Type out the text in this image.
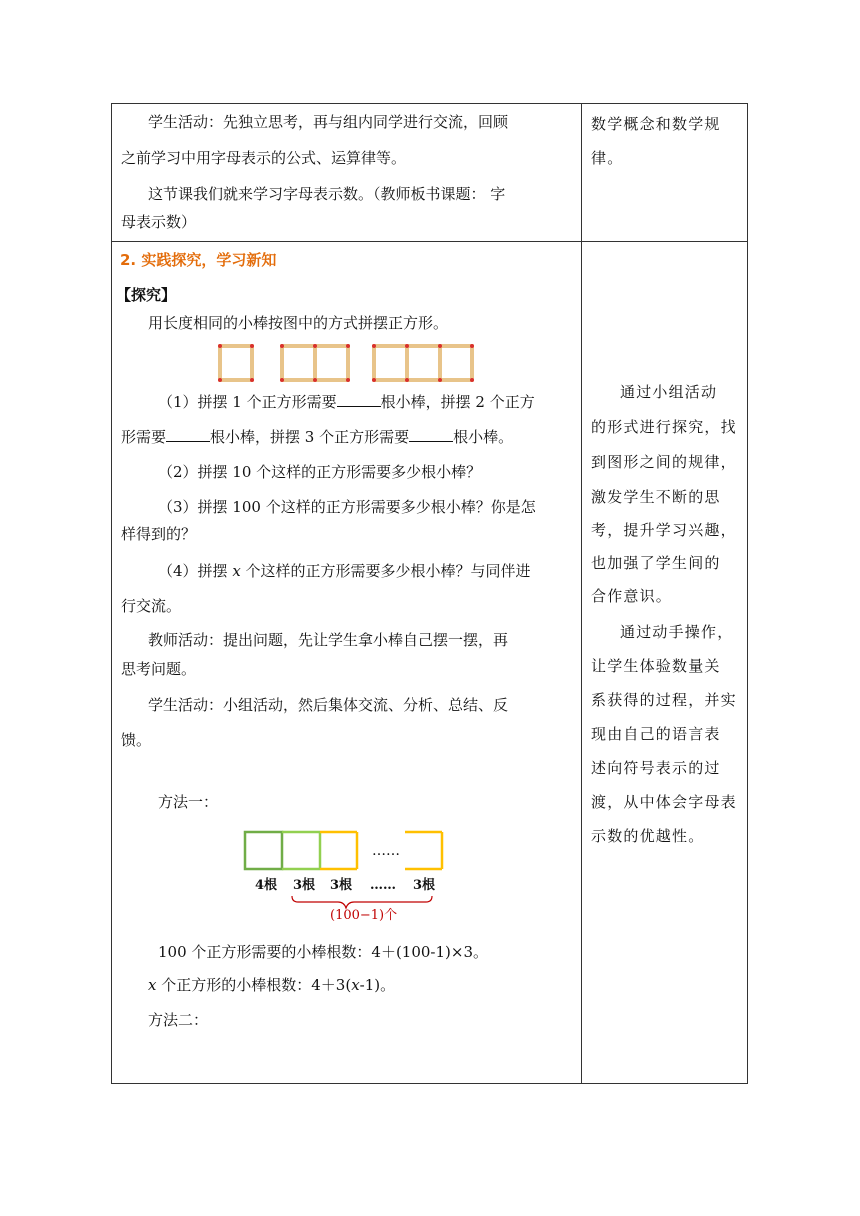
学生活动：先独立思考，再与组内同学进行交流，回顾
之前学习中用字母表示的公式、运算律等。
这节课我们就来学习字母表示数。（教师板书课题： 字
母表示数）
数学概念和数学规
律。
2. 实践探究，学习新知
【探究】
用长度相同的小棒按图中的方式拼摆正方形。
（1）拼摆 1 个正方形需要	根小棒，拼摆 2 个正方
形需要	根小棒，拼摆 3 个正方形需要	根小棒。
（2）拼摆 10 个这样的正方形需要多少根小棒？
（3）拼摆 100 个这样的正方形需要多少根小棒？你是怎
样得到的？
（4）拼摆 x 个这样的正方形需要多少根小棒？与同伴进
行交流。
教师活动：提出问题，先让学生拿小棒自己摆一摆，再
思考问题。
学生活动：小组活动，然后集体交流、分析、总结、反
馈。
方法一：
……
4根 3根 3根 …… 3根
(100−1)个
100 个正方形需要的小棒根数：4＋(100-1)×3。
x 个正方形的小棒根数：4＋3(x-1)。
方法二：
通过小组活动
的形式进行探究，找
到图形之间的规律，
激发学生不断的思
考，提升学习兴趣，
也加强了学生间的
合作意识。
通过动手操作，
让学生体验数量关
系获得的过程，并实
现由自己的语言表
述向符号表示的过
渡，从中体会字母表
示数的优越性。
